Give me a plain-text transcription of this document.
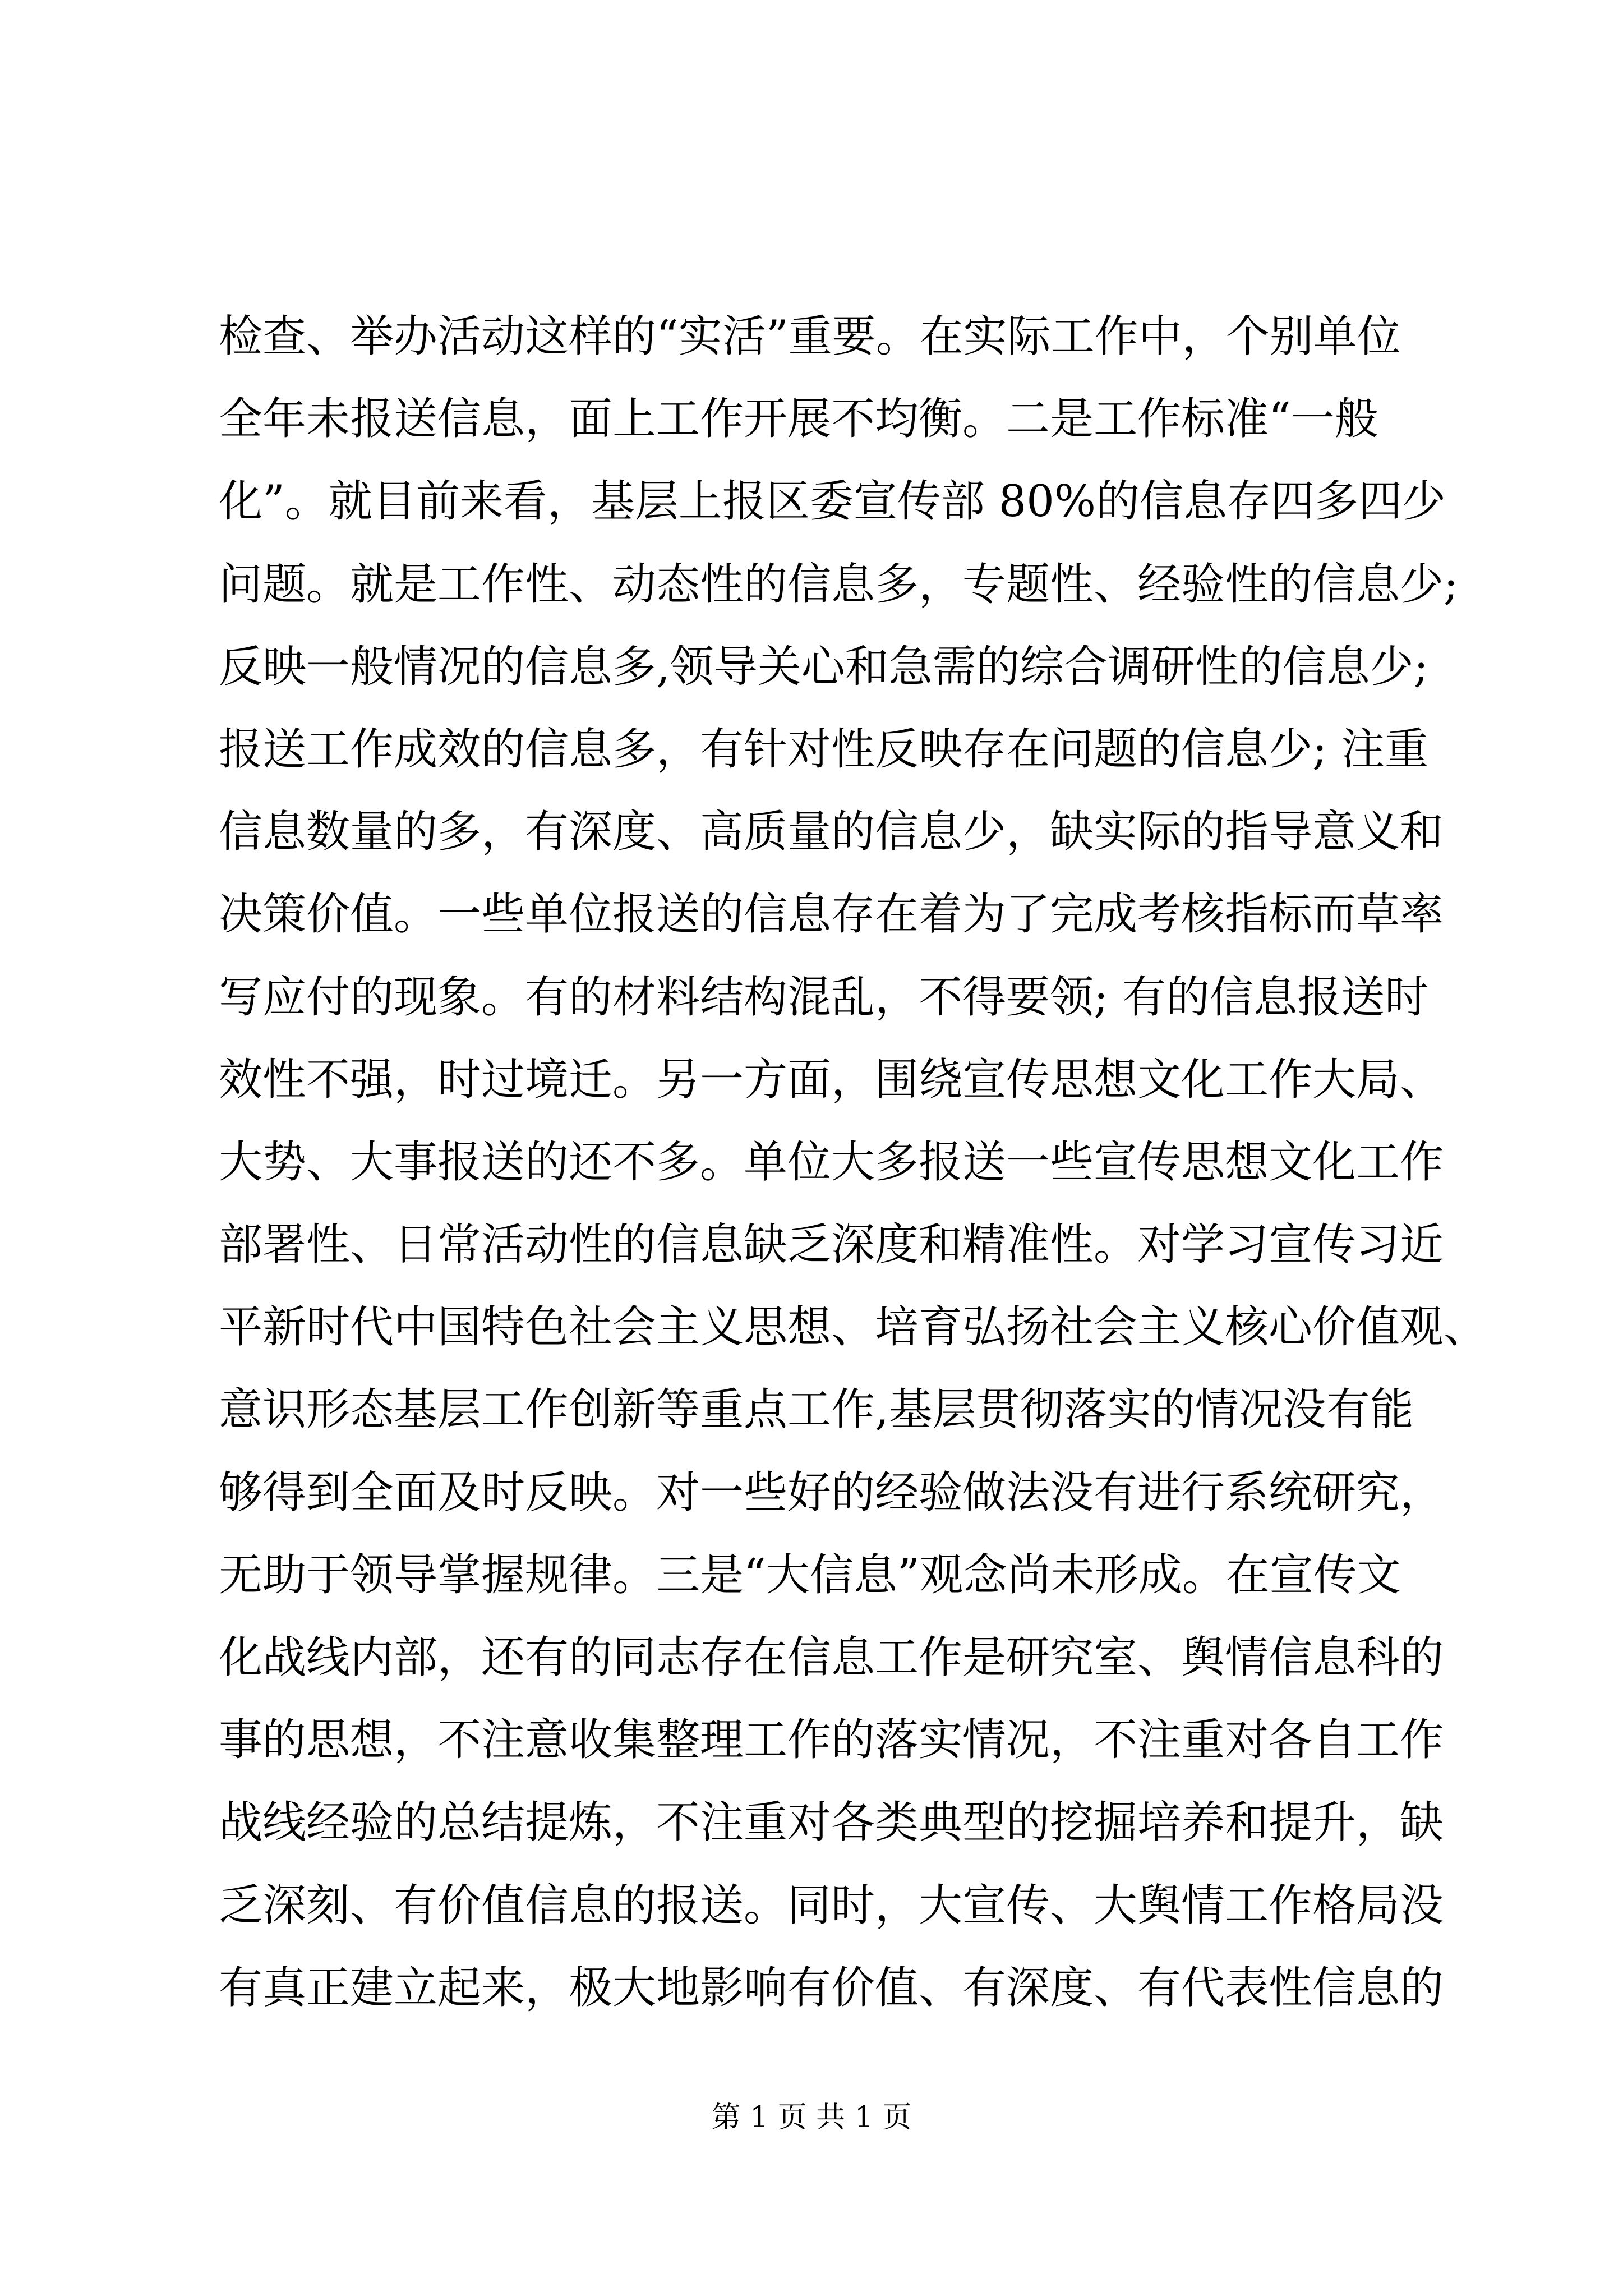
检查、举办活动这样的“实活”重要。在实际工作中，个别单位
全年未报送信息，面上工作开展不均衡。二是工作标准“一般
化”。就目前来看，基层上报区委宣传部 80%的信息存四多四少
问题。就是工作性、动态性的信息多，专题性、经验性的信息少;
反映一般情况的信息多,领导关心和急需的综合调研性的信息少;
报送工作成效的信息多，有针对性反映存在问题的信息少; 注重
信息数量的多，有深度、高质量的信息少，缺实际的指导意义和
决策价值。一些单位报送的信息存在着为了完成考核指标而草率
写应付的现象。有的材料结构混乱，不得要领; 有的信息报送时
效性不强，时过境迁。另一方面，围绕宣传思想文化工作大局、
大势、大事报送的还不多。单位大多报送一些宣传思想文化工作
部署性、日常活动性的信息缺乏深度和精准性。对学习宣传习近
平新时代中国特色社会主义思想、培育弘扬社会主义核心价值观、
意识形态基层工作创新等重点工作,基层贯彻落实的情况没有能
够得到全面及时反映。对一些好的经验做法没有进行系统研究，
无助于领导掌握规律。三是“大信息”观念尚未形成。在宣传文
化战线内部，还有的同志存在信息工作是研究室、舆情信息科的
事的思想，不注意收集整理工作的落实情况，不注重对各自工作
战线经验的总结提炼，不注重对各类典型的挖掘培养和提升，缺
乏深刻、有价值信息的报送。同时，大宣传、大舆情工作格局没
有真正建立起来，极大地影响有价值、有深度、有代表性信息的
第 1 页 共 1 页
